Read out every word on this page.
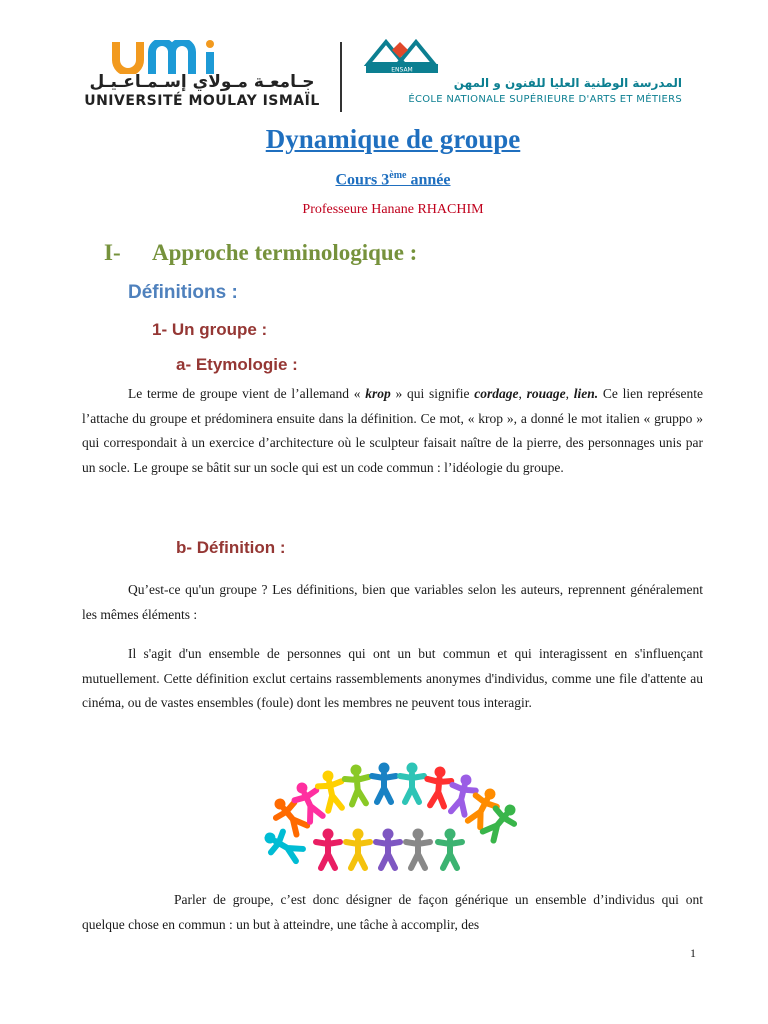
جـامعـة مـولاي إسـمـاعـيـل
UNIVERSITÉ MOULAY ISMAÏL
ENSAM
المدرسة الوطنية العليا للفنون و المهن
ÉCOLE NATIONALE SUPÉRIEURE D'ARTS ET MÉTIERS
Dynamique de groupe
Cours 3ème année
Professeure Hanane RHACHIM
I- Approche terminologique :
Définitions :
1- Un groupe :
a- Etymologie :

Le terme de groupe vient de l’allemand « krop » qui signifie cordage, rouage, lien. Ce lien représente l’attache du groupe et prédominera ensuite dans la définition. Ce mot, « krop », a donné le mot italien « gruppo » qui correspondait à un exercice d’architecture où le sculpteur faisait naître de la pierre, des personnages unis par un socle. Le groupe se bâtit sur un socle qui est un code commun : l’idéologie du groupe.

b- Définition :

Qu’est-ce qu'un groupe ? Les définitions, bien que variables selon les auteurs, reprennent généralement les mêmes éléments :

Il s'agit d'un ensemble de personnes qui ont un but commun et qui interagissent en s'influençant mutuellement. Cette définition exclut certains rassemblements anonymes d'individus, comme une file d'attente au cinéma, ou de vastes ensembles (foule) dont les membres ne peuvent tous interagir.

Parler de groupe, c’est donc désigner de façon générique un ensemble d’individus qui ont quelque chose en commun : un but à atteindre, une tâche à accomplir, des

1
